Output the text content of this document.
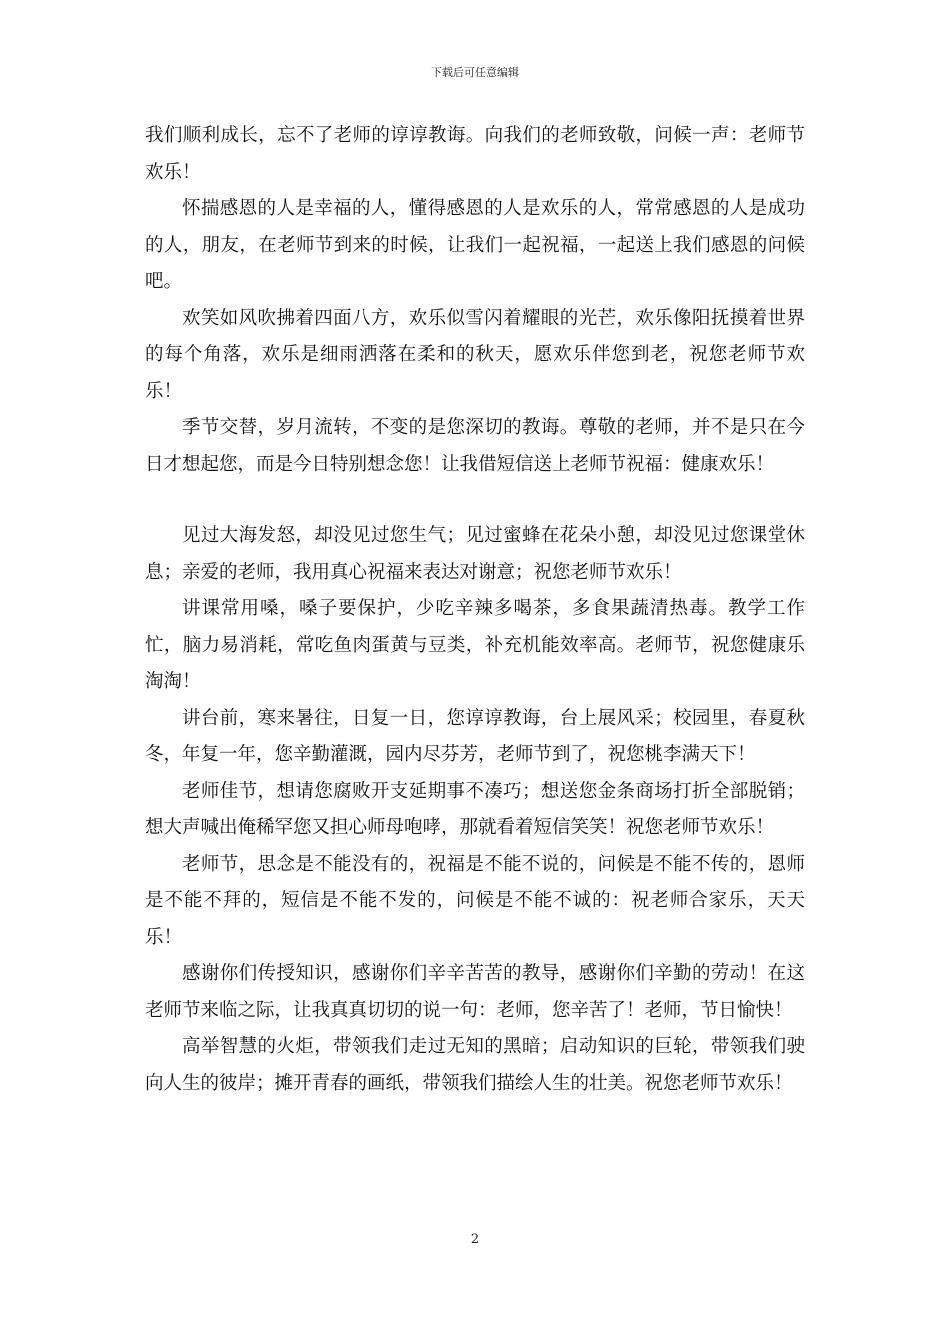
下载后可任意编辑

我们顺利成长，忘不了老师的谆谆教诲。向我们的老师致敬，问候一声：老师节欢乐！

怀揣感恩的人是幸福的人，懂得感恩的人是欢乐的人，常常感恩的人是成功的人，朋友，在老师节到来的时候，让我们一起祝福，一起送上我们感恩的问候吧。

欢笑如风吹拂着四面八方，欢乐似雪闪着耀眼的光芒，欢乐像阳抚摸着世界的每个角落，欢乐是细雨洒落在柔和的秋天，愿欢乐伴您到老，祝您老师节欢乐！

季节交替，岁月流转，不变的是您深切的教诲。尊敬的老师，并不是只在今日才想起您，而是今日特别想念您！让我借短信送上老师节祝福：健康欢乐！

见过大海发怒，却没见过您生气；见过蜜蜂在花朵小憩，却没见过您课堂休息；亲爱的老师，我用真心祝福来表达对谢意；祝您老师节欢乐！

讲课常用嗓，嗓子要保护，少吃辛辣多喝茶，多食果蔬清热毒。教学工作忙，脑力易消耗，常吃鱼肉蛋黄与豆类，补充机能效率高。老师节，祝您健康乐淘淘！

讲台前，寒来暑往，日复一日，您谆谆教诲，台上展风采；校园里，春夏秋冬，年复一年，您辛勤灌溉，园内尽芬芳，老师节到了，祝您桃李满天下！

老师佳节，想请您腐败开支延期事不凑巧；想送您金条商场打折全部脱销；想大声喊出俺稀罕您又担心师母咆哮，那就看着短信笑笑！祝您老师节欢乐！

老师节，思念是不能没有的，祝福是不能不说的，问候是不能不传的，恩师是不能不拜的，短信是不能不发的，问候是不能不诚的：祝老师合家乐，天天乐！

感谢你们传授知识，感谢你们辛辛苦苦的教导，感谢你们辛勤的劳动！在这老师节来临之际，让我真真切切的说一句：老师，您辛苦了！老师，节日愉快！

高举智慧的火炬，带领我们走过无知的黑暗；启动知识的巨轮，带领我们驶向人生的彼岸；摊开青春的画纸，带领我们描绘人生的壮美。祝您老师节欢乐！

2
